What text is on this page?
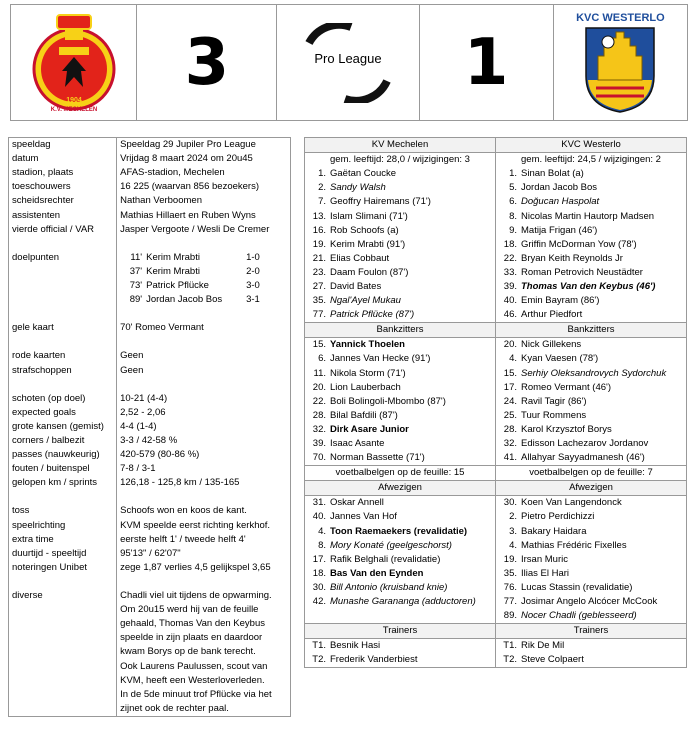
1904
K.V. MECHELEN
3	Pro League 1
KVC WESTERLO
speeldag	Speeldag 29 Jupiler Pro League
datum	Vrijdag 8 maart 2024 om 20u45
stadion, plaats	AFAS-stadion, Mechelen
toeschouwers	16 225 (waarvan 856 bezoekers)
scheidsrechter	Nathan Verboomen
assistenten	Mathias Hillaert en Ruben Wyns
vierde official / VAR	Jasper Vergoote / Wesli De Cremer

doelpunten	11' Kerim Mrabti 1-0
	37' Kerim Mrabti 2-0
	73' Patrick Pflücke 3-0
	89' Jordan Jacob Bos 3-1

gele kaart	70' Romeo Vermant

rode kaarten	Geen
strafschoppen	Geen

schoten (op doel)	10-21 (4-4)
expected goals	2,52 - 2,06
grote kansen (gemist)	4-4 (1-4)
corners / balbezit	3-3 / 42-58 %
passes (nauwkeurig)	420-579 (80-86 %)
fouten / buitenspel	7-8 / 3-1
gelopen km / sprints	126,18 - 125,8 km / 135-165

toss	Schoofs won en koos de kant.
speelrichting	KVM speelde eerst richting kerkhof.
extra time	eerste helft 1' / tweede helft 4'
duurtijd - speeltijd	95'13" / 62'07"
noteringen Unibet	zege 1,87 verlies 4,5 gelijkspel 3,65

diverse	Chadli viel uit tijdens de opwarming.
	Om 20u15 werd hij van de feuille
	gehaald, Thomas Van den Keybus
	speelde in zijn plaats en daardoor
	kwam Borys op de bank terecht.
	Ook Laurens Paulussen, scout van
	KVM, heeft een Westerloverleden.
	In de 5de minuut trof Pflücke via het
	zijnet ook de rechter paal.
KV Mechelen	KVC Westerlo
gem. leeftijd: 28,0 / wijzigingen: 3	gem. leeftijd: 24,5 / wijzigingen: 2
1. Gaëtan Coucke	1. Sinan Bolat (a)
2. Sandy Walsh	5. Jordan Jacob Bos
7. Geoffry Hairemans (71')	6. Doğucan Haspolat
13. Islam Slimani (71')	8. Nicolas Martin Hautorp Madsen
16. Rob Schoofs (a)	9. Matija Frigan (46')
19. Kerim Mrabti (91')	18. Griffin McDorman Yow (78')
21. Elias Cobbaut	22. Bryan Keith Reynolds Jr
23. Daam Foulon (87')	33. Roman Petrovich Neustädter
27. David Bates	39. Thomas Van den Keybus (46')
35. Ngal'Ayel Mukau	40. Emin Bayram (86')
77. Patrick Pflücke (87')	46. Arthur Piedfort
Bankzitters	Bankzitters
15. Yannick Thoelen	20. Nick Gillekens
6. Jannes Van Hecke (91')	4. Kyan Vaesen (78')
11. Nikola Storm (71')	15. Serhiy Oleksandrovych Sydorchuk
20. Lion Lauberbach	17. Romeo Vermant (46')
22. Boli Bolingoli-Mbombo (87')	24. Ravil Tagir (86')
28. Bilal Bafdili (87')	25. Tuur Rommens
32. Dirk Asare Junior	28. Karol Krzysztof Borys
39. Isaac Asante	32. Edisson Lachezarov Jordanov
70. Norman Bassette (71')	41. Allahyar Sayyadmanesh (46')
voetbalbelgen op de feuille: 15	voetbalbelgen op de feuille: 7
Afwezigen	Afwezigen
31. Oskar Annell	30. Koen Van Langendonck
40. Jannes Van Hof	2. Pietro Perdichizzi
4. Toon Raemaekers (revalidatie)	3. Bakary Haidara
8. Mory Konaté (geelgeschorst)	4. Mathias Frédéric Fixelles
17. Rafik Belghali (revalidatie)	19. Irsan Muric
18. Bas Van den Eynden	35. Ilias El Hari
30. Bill Antonio (kruisband knie)	76. Lucas Stassin (revalidatie)
42. Munashe Garananga (adductoren)	77. Josimar Angelo Alcócer McCook
	89. Nocer Chadli (geblesseerd)
Trainers	Trainers
T1. Besnik Hasi	T1. Rik De Mil
T2. Frederik Vanderbiest	T2. Steve Colpaert
